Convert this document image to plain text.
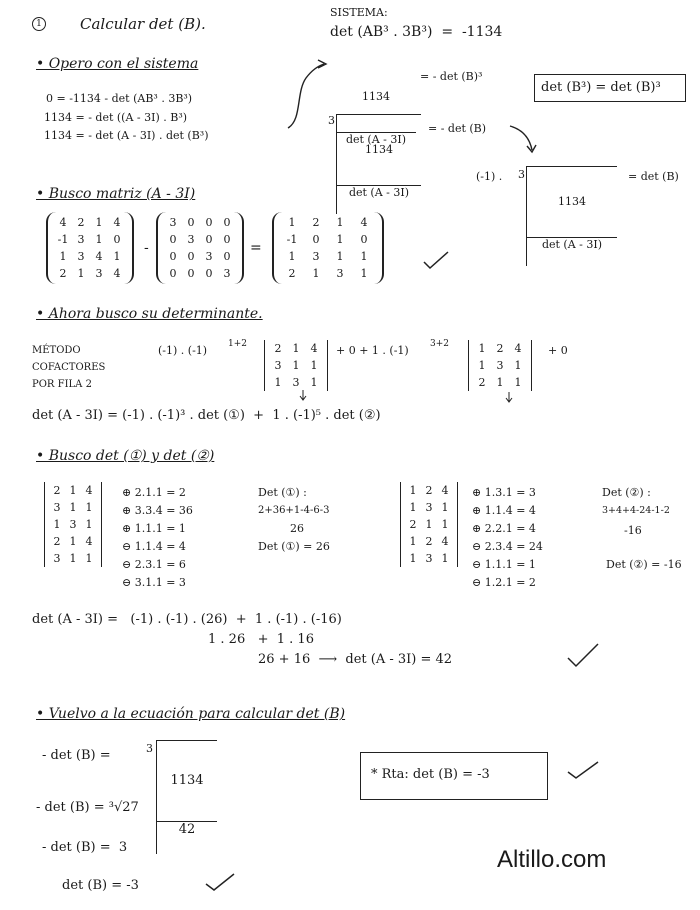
1	Calcular det (B).
SISTEMA:
det (AB³ . 3B³)  =  -1134
• Opero con el sistema
0 = -1134 - det (AB³ . 3B³)
1134 = - det ((A - 3I) . B³)
1134 = - det (A - 3I) . det (B³)

1134

det (A - 3I)

= - det (B)³
det (B³) = det (B)³
3

1134

det (A - 3I)

= - det (B)
(-1) . 3

1134

det (A - 3I)

= det (B)
• Busco matriz (A - 3I)
4	2	1	4
-1 3	1	0
1	3	4	1
2	1	3	4
-
3	0	0	0
0	3	0	0
0	0	3	0
0	0	0	3
=
1	2	1	4
-1	0	1	0
1	3	1	1
2	1	3	1
• Ahora busco su determinante.
MÉTODO
COFACTORES
POR FILA 2
(-1) . (-1) 1+2	2	1	4
3	1	1
1	3	1
+ 0 + 1 . (-1) 3+2	1	2	4
1	3	1
2	1	1
+ 0
det (A - 3I) = (-1) . (-1)³ . det (①)  +  1 . (-1)⁵ . det (②)
• Busco det (①) y det (②)
2 1 4
3 1 1
1 3 1
2 1 4
3 1 1
⊕ 2.1.1 = 2
⊕ 3.3.4 = 36
⊕ 1.1.1 = 1
⊖ 1.1.4 = 4
⊖ 2.3.1 = 6
⊖ 3.1.1 = 3
Det (①) :
2+36+1-4-6-3
26
Det (①) = 26
1 2 4
1 3 1
2 1 1
1 2 4
1 3 1
⊕ 1.3.1 = 3
⊕ 1.1.4 = 4
⊕ 2.2.1 = 4
⊖ 2.3.4 = 24
⊖ 1.1.1 = 1
⊖ 1.2.1 = 2
Det (②) :
3+4+4-24-1-2
-16
Det (②) = -16
det (A - 3I) =   (-1) . (-1) . (26)  +  1 . (-1) . (-16)
1 . 26   +  1 . 16
26 + 16  ⟶  det (A - 3I) = 42
• Vuelvo a la ecuación para calcular det (B)
- det (B) =	3

$\frac{1134}{42}$

- det (B) = ³√27
- det (B) =  3
det (B) = -3
* Rta: det (B) = -3
Altillo.com
